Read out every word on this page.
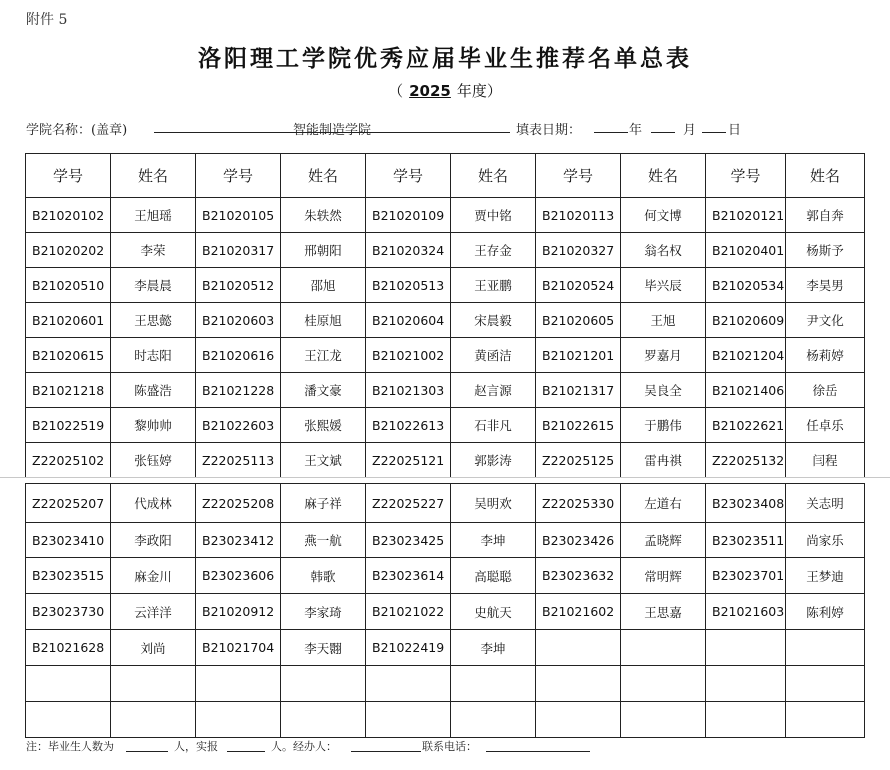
附件 5
洛阳理工学院优秀应届毕业生推荐名单总表
（ 2025 年度）
学院名称：(盖章)	智能制造学院	填表日期：	年	月 日
学号	姓名	学号	姓名	学号	姓名	学号	姓名	学号	姓名
B21020102	王旭瑶	B21020105	朱轶然	B21020109	贾中铭	B21020113	何文博	B21020121	郭自奔
B21020202	李荣	B21020317	邢朝阳	B21020324	王存金	B21020327	翁名权	B21020401	杨斯予
B21020510	李晨晨	B21020512	邵旭	B21020513	王亚鹏	B21020524	毕兴辰	B21020534	李昊男
B21020601	王思懿	B21020603	桂原旭	B21020604	宋晨毅	B21020605	王旭	B21020609	尹文化
B21020615	时志阳	B21020616	王江龙	B21021002	黄函洁	B21021201	罗嘉月	B21021204	杨莉婷
B21021218	陈盛浩	B21021228	潘文豪	B21021303	赵言源	B21021317	吴良全	B21021406	徐岳
B21022519	黎帅帅	B21022603	张熙媛	B21022613	石非凡	B21022615	于鹏伟	B21022621	任卓乐
Z22025102	张钰婷	Z22025113	王文斌	Z22025121	郭影涛	Z22025125	雷冉祺	Z22025132	闫程
Z22025207	代成林	Z22025208	麻子祥	Z22025227	吴明欢	Z22025330	左道右	B23023408	关志明
B23023410	李政阳	B23023412	燕一航	B23023425	李坤	B23023426	孟晓辉	B23023511	尚家乐
B23023515	麻金川	B23023606	韩歌	B23023614	高聪聪	B23023632	常明辉	B23023701	王梦迪
B23023730	云洋洋	B21020912	李家琦	B21021022	史航天	B21021602	王思嘉	B21021603	陈利婷
B21021628	刘尚	B21021704	李天翾	B21022419	李坤				

注：毕业生人数为	人，实报	人。经办人：	联系电话：
